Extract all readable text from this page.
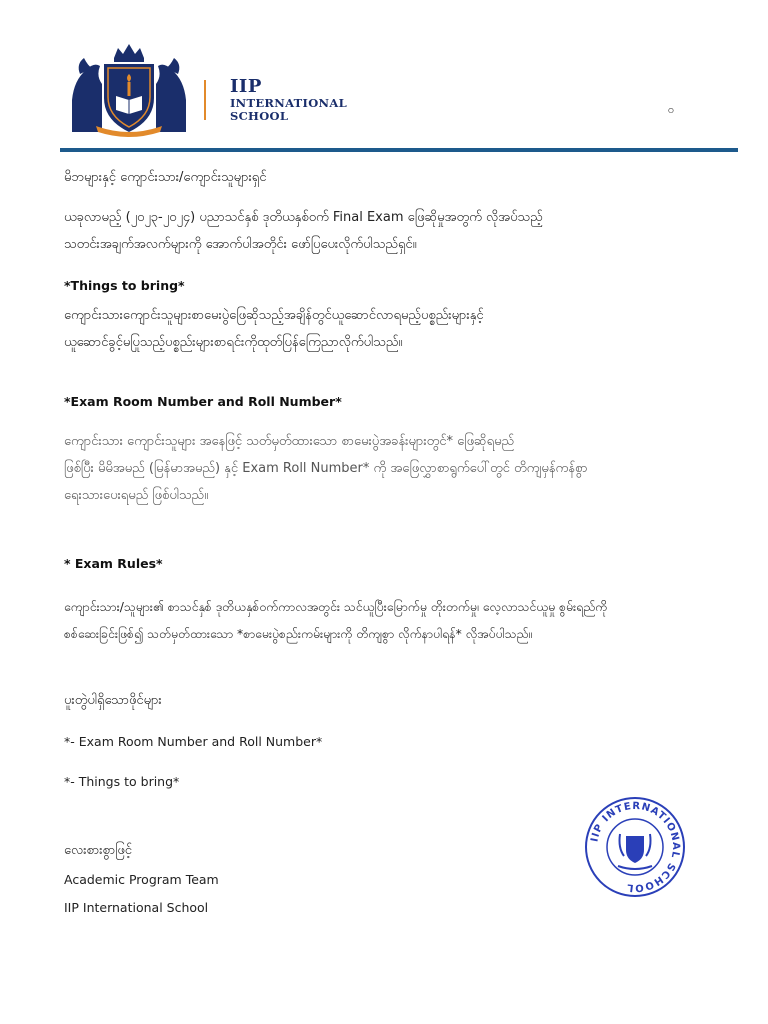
IIP
INTERNATIONAL
SCHOOL	၀
မိဘများနှင့် ကျောင်းသား/ကျောင်းသူများရှင်
ယခုလာမည့် (၂၀၂၃-၂၀၂၄) ပညာသင်နှစ် ဒုတိယနှစ်ဝက် Final Exam ဖြေဆိုမှုအတွက် လိုအပ်သည့်
သတင်းအချက်အလက်များကို အောက်ပါအတိုင်း ဖော်ပြပေးလိုက်ပါသည်ရှင်။
*Things to bring*
ကျောင်းသားကျောင်းသူများစာမေးပွဲဖြေဆိုသည့်အချိန်တွင်ယူဆောင်လာရမည့်ပစ္စည်းများနှင့်
ယူဆောင်ခွင့်မပြုသည့်ပစ္စည်းများစာရင်းကိုထုတ်ပြန်ကြေညာလိုက်ပါသည်။
*Exam Room Number and Roll Number*
ကျောင်းသား ကျောင်းသူများ အနေဖြင့် သတ်မှတ်ထားသော စာမေးပွဲအခန်းများတွင်* ဖြေဆိုရမည်
ဖြစ်ပြီး မိမိအမည် (မြန်မာအမည်) နှင့် Exam Roll Number* ကို အဖြေလွှာစာရွက်ပေါ်တွင် တိကျမှန်ကန်စွာ
ရေးသားပေးရမည် ဖြစ်ပါသည်။
* Exam Rules*
ကျောင်းသား/သူများ၏ စာသင်နှစ် ဒုတိယနှစ်ဝက်ကာလအတွင်း သင်ယူပြီးမြောက်မှု တိုးတက်မှု၊ လေ့လာသင်ယူမှု စွမ်းရည်ကို
စစ်ဆေးခြင်းဖြစ်၍ သတ်မှတ်ထားသော *စာမေးပွဲစည်းကမ်းများကို တိကျစွာ လိုက်နာပါရန်* လိုအပ်ပါသည်။
ပူးတွဲပါရှိသောဖိုင်များ
*- Exam Room Number and Roll Number*
*- Things to bring*
လေးစားစွာဖြင့်
Academic Program Team
IIP International School
IIP INTERNATIONAL SCHOOL
